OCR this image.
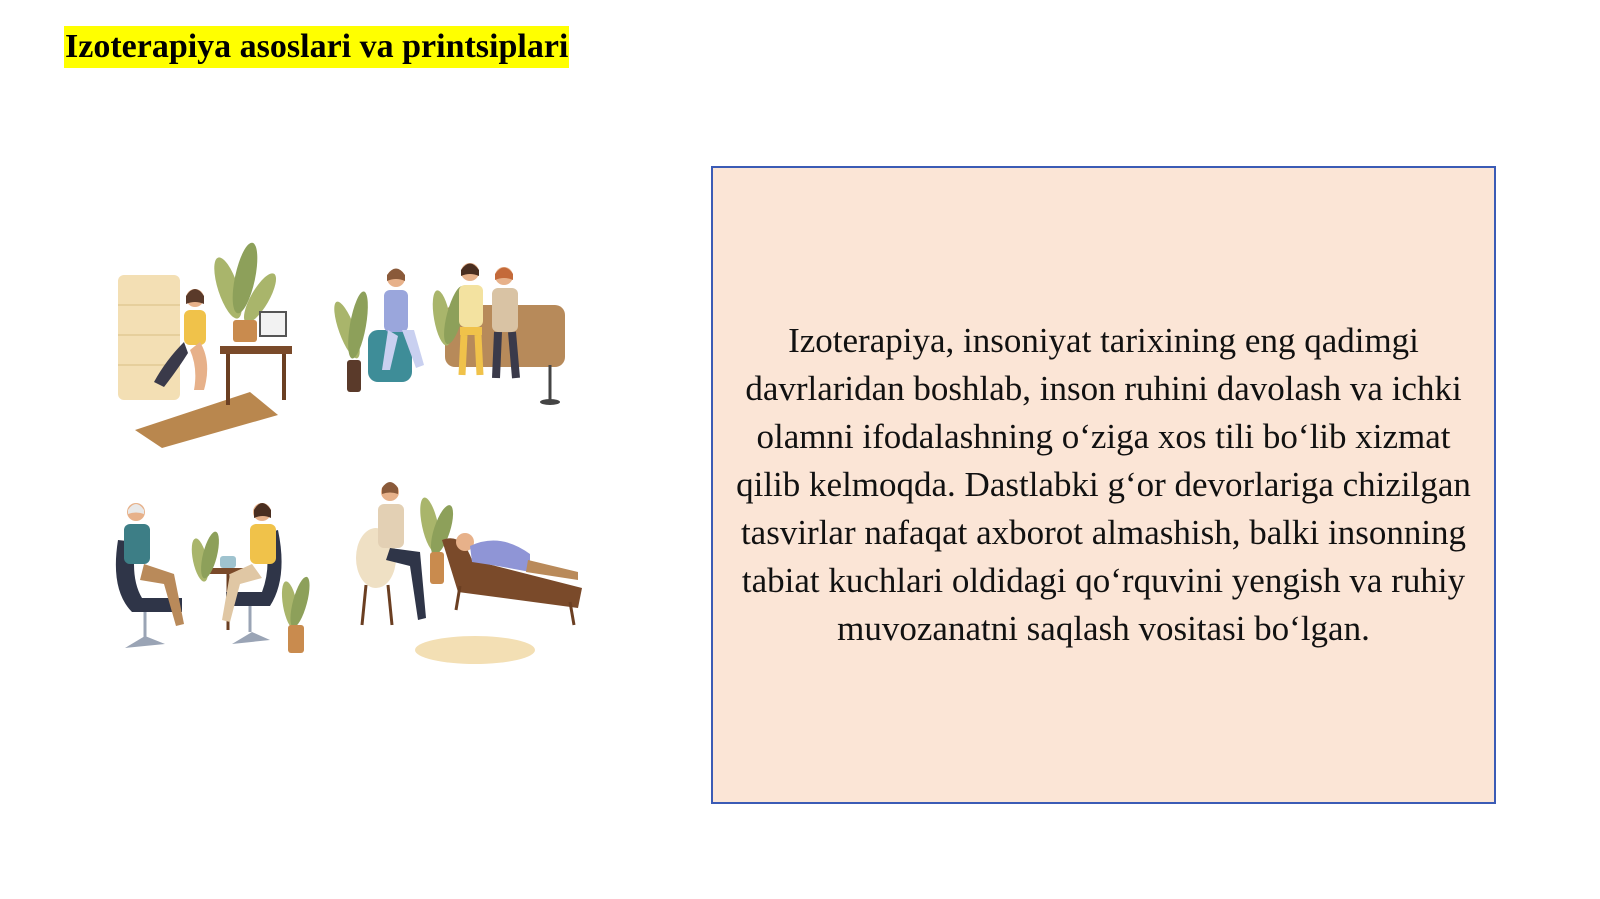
Izoterapiya asoslari va printsiplari

Izoterapiya, insoniyat tarixining eng qadimgi davrlaridan boshlab, inson ruhini davolash va ichki olamni ifodalashning o‘ziga xos tili bo‘lib xizmat qilib kelmoqda. Dastlabki g‘or devorlariga chizilgan tasvirlar nafaqat axborot almashish, balki insonning tabiat kuchlari oldidagi qo‘rquvini yengish va ruhiy muvozanatni saqlash vositasi bo‘lgan.
